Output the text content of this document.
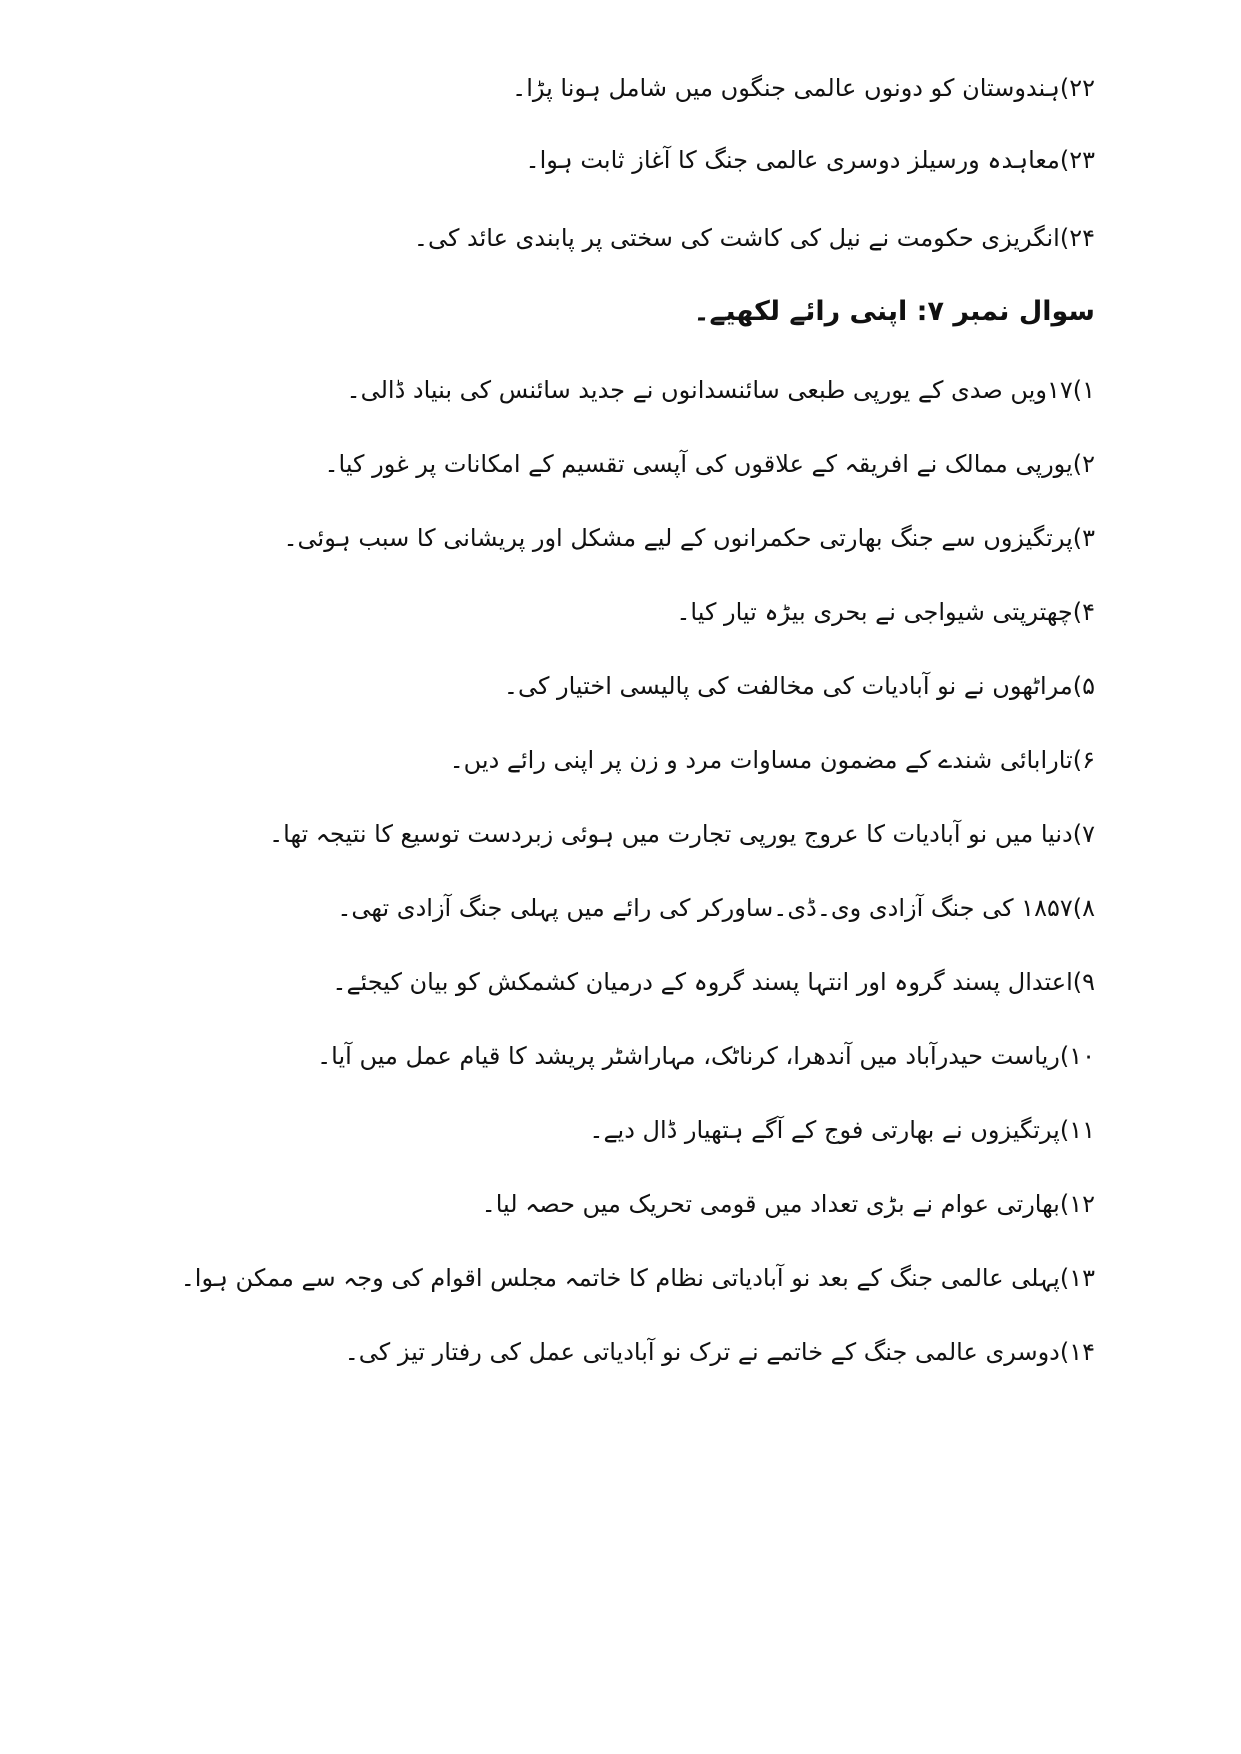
۲۲)ہندوستان کو دونوں عالمی جنگوں میں شامل ہونا پڑا۔
۲۳)معاہدہ ورسیلز دوسری عالمی جنگ کا آغاز ثابت ہوا۔
۲۴)انگریزی حکومت نے نیل کی کاشت کی سختی پر پابندی عائد کی۔
سوال نمبر ۷: اپنی رائے لکھیے۔
۱)۱۷ویں صدی کے یورپی طبعی سائنسدانوں نے جدید سائنس کی بنیاد ڈالی۔
۲)یورپی ممالک نے افریقہ کے علاقوں کی آپسی تقسیم کے امکانات پر غور کیا۔
۳)پرتگیزوں سے جنگ بھارتی حکمرانوں کے لیے مشکل اور پریشانی کا سبب ہوئی۔
۴)چھترپتی شیواجی نے بحری بیڑہ تیار کیا۔
۵)مراٹھوں نے نو آبادیات کی مخالفت کی پالیسی اختیار کی۔
۶)تارابائی شندے کے مضمون مساوات مرد و زن پر اپنی رائے دیں۔
۷)دنیا میں نو آبادیات کا عروج یورپی تجارت میں ہوئی زبردست توسیع کا نتیجہ تھا۔
۸)۱۸۵۷ کی جنگ آزادی وی۔ڈی۔ساورکر کی رائے میں پہلی جنگ آزادی تھی۔
۹)اعتدال پسند گروہ اور انتہا پسند گروہ کے درمیان کشمکش کو بیان کیجئے۔
۱۰)ریاست حیدرآباد میں آندھرا، کرناٹک، مہاراشٹر پریشد کا قیام عمل میں آیا۔
۱۱)پرتگیزوں نے بھارتی فوج کے آگے ہتھیار ڈال دیے۔
۱۲)بھارتی عوام نے بڑی تعداد میں قومی تحریک میں حصہ لیا۔
۱۳)پہلی عالمی جنگ کے بعد نو آبادیاتی نظام کا خاتمہ مجلس اقوام کی وجہ سے ممکن ہوا۔
۱۴)دوسری عالمی جنگ کے خاتمے نے ترک نو آبادیاتی عمل کی رفتار تیز کی۔
